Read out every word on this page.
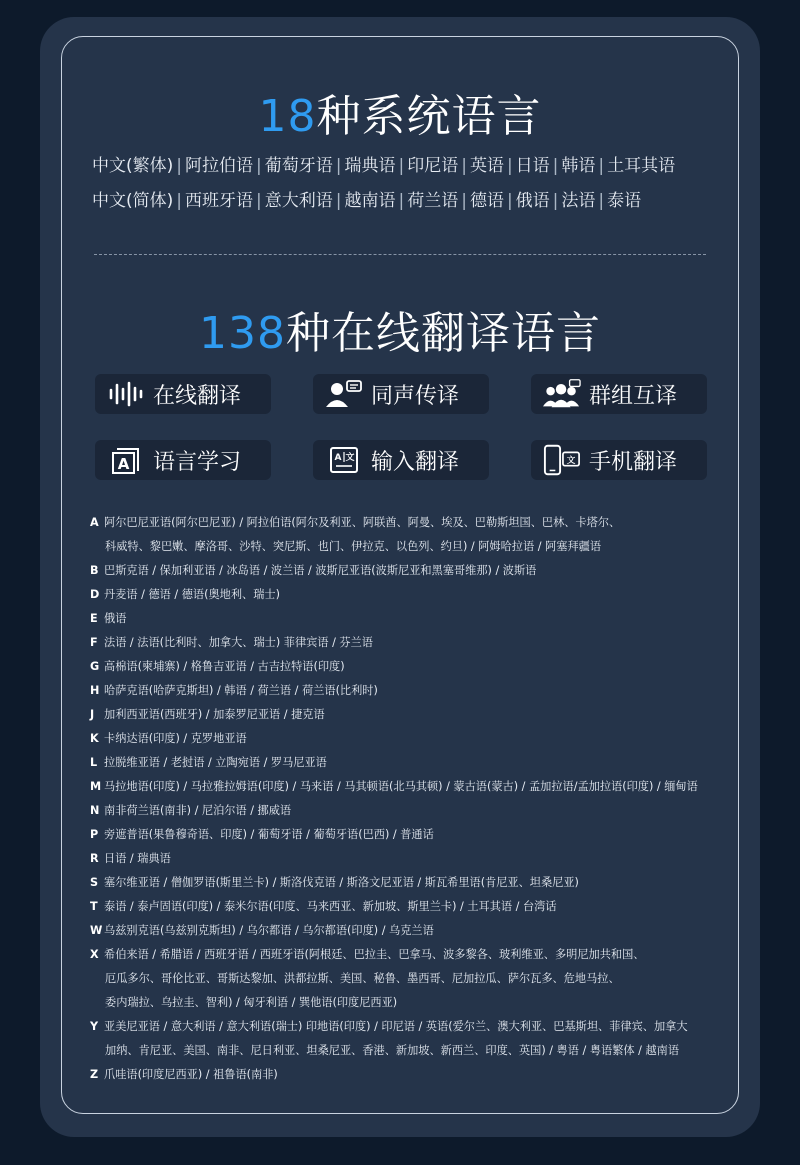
18种系统语言
中文(繁体) | 阿拉伯语 | 葡萄牙语 | 瑞典语 | 印尼语 | 英语 | 日语 | 韩语 | 土耳其语
中文(简体) | 西班牙语 | 意大利语 | 越南语 | 荷兰语 | 德语 | 俄语 | 法语 | 泰语
138种在线翻译语言
在线翻译	同声传译	群组互译
A 语言学习	A 文 输入翻译	文 手机翻译
A 阿尔巴尼亚语(阿尔巴尼亚) / 阿拉伯语(阿尔及利亚、阿联酋、阿曼、埃及、巴勒斯坦国、巴林、卡塔尔、
科威特、黎巴嫩、摩洛哥、沙特、突尼斯、也门、伊拉克、以色列、约旦) / 阿姆哈拉语 / 阿塞拜疆语
B 巴斯克语 / 保加利亚语 / 冰岛语 / 波兰语 / 波斯尼亚语(波斯尼亚和黑塞哥维那) / 波斯语
D 丹麦语 / 德语 / 德语(奥地利、瑞士)
E 俄语
F 法语 / 法语(比利时、加拿大、瑞士) 菲律宾语 / 芬兰语
G 高棉语(柬埔寨) / 格鲁吉亚语 / 古吉拉特语(印度)
H 哈萨克语(哈萨克斯坦) / 韩语 / 荷兰语 / 荷兰语(比利时)
J 加利西亚语(西班牙) / 加泰罗尼亚语 / 捷克语
K 卡纳达语(印度) / 克罗地亚语
L 拉脱维亚语 / 老挝语 / 立陶宛语 / 罗马尼亚语
M 马拉地语(印度) / 马拉雅拉姆语(印度) / 马来语 / 马其顿语(北马其顿) / 蒙古语(蒙古) / 孟加拉语/孟加拉语(印度) / 缅甸语
N 南非荷兰语(南非) / 尼泊尔语 / 挪威语
P 旁遮普语(果鲁穆奇语、印度) / 葡萄牙语 / 葡萄牙语(巴西) / 普通话
R 日语 / 瑞典语
S 塞尔维亚语 / 僧伽罗语(斯里兰卡) / 斯洛伐克语 / 斯洛文尼亚语 / 斯瓦希里语(肯尼亚、坦桑尼亚)
T 泰语 / 泰卢固语(印度) / 泰米尔语(印度、马来西亚、新加坡、斯里兰卡) / 土耳其语 / 台湾话
W 乌兹别克语(乌兹别克斯坦) / 乌尔都语 / 乌尔都语(印度) / 乌克兰语
X 希伯来语 / 希腊语 / 西班牙语 / 西班牙语(阿根廷、巴拉圭、巴拿马、波多黎各、玻利维亚、多明尼加共和国、
厄瓜多尔、哥伦比亚、哥斯达黎加、洪都拉斯、美国、秘鲁、墨西哥、尼加拉瓜、萨尔瓦多、危地马拉、
委内瑞拉、乌拉圭、智利) / 匈牙利语 / 巽他语(印度尼西亚)
Y 亚美尼亚语 / 意大利语 / 意大利语(瑞士) 印地语(印度) / 印尼语 / 英语(爱尔兰、澳大利亚、巴基斯坦、菲律宾、加拿大
加纳、肯尼亚、美国、南非、尼日利亚、坦桑尼亚、香港、新加坡、新西兰、印度、英国) / 粤语 / 粤语繁体 / 越南语
Z 爪哇语(印度尼西亚) / 祖鲁语(南非)
